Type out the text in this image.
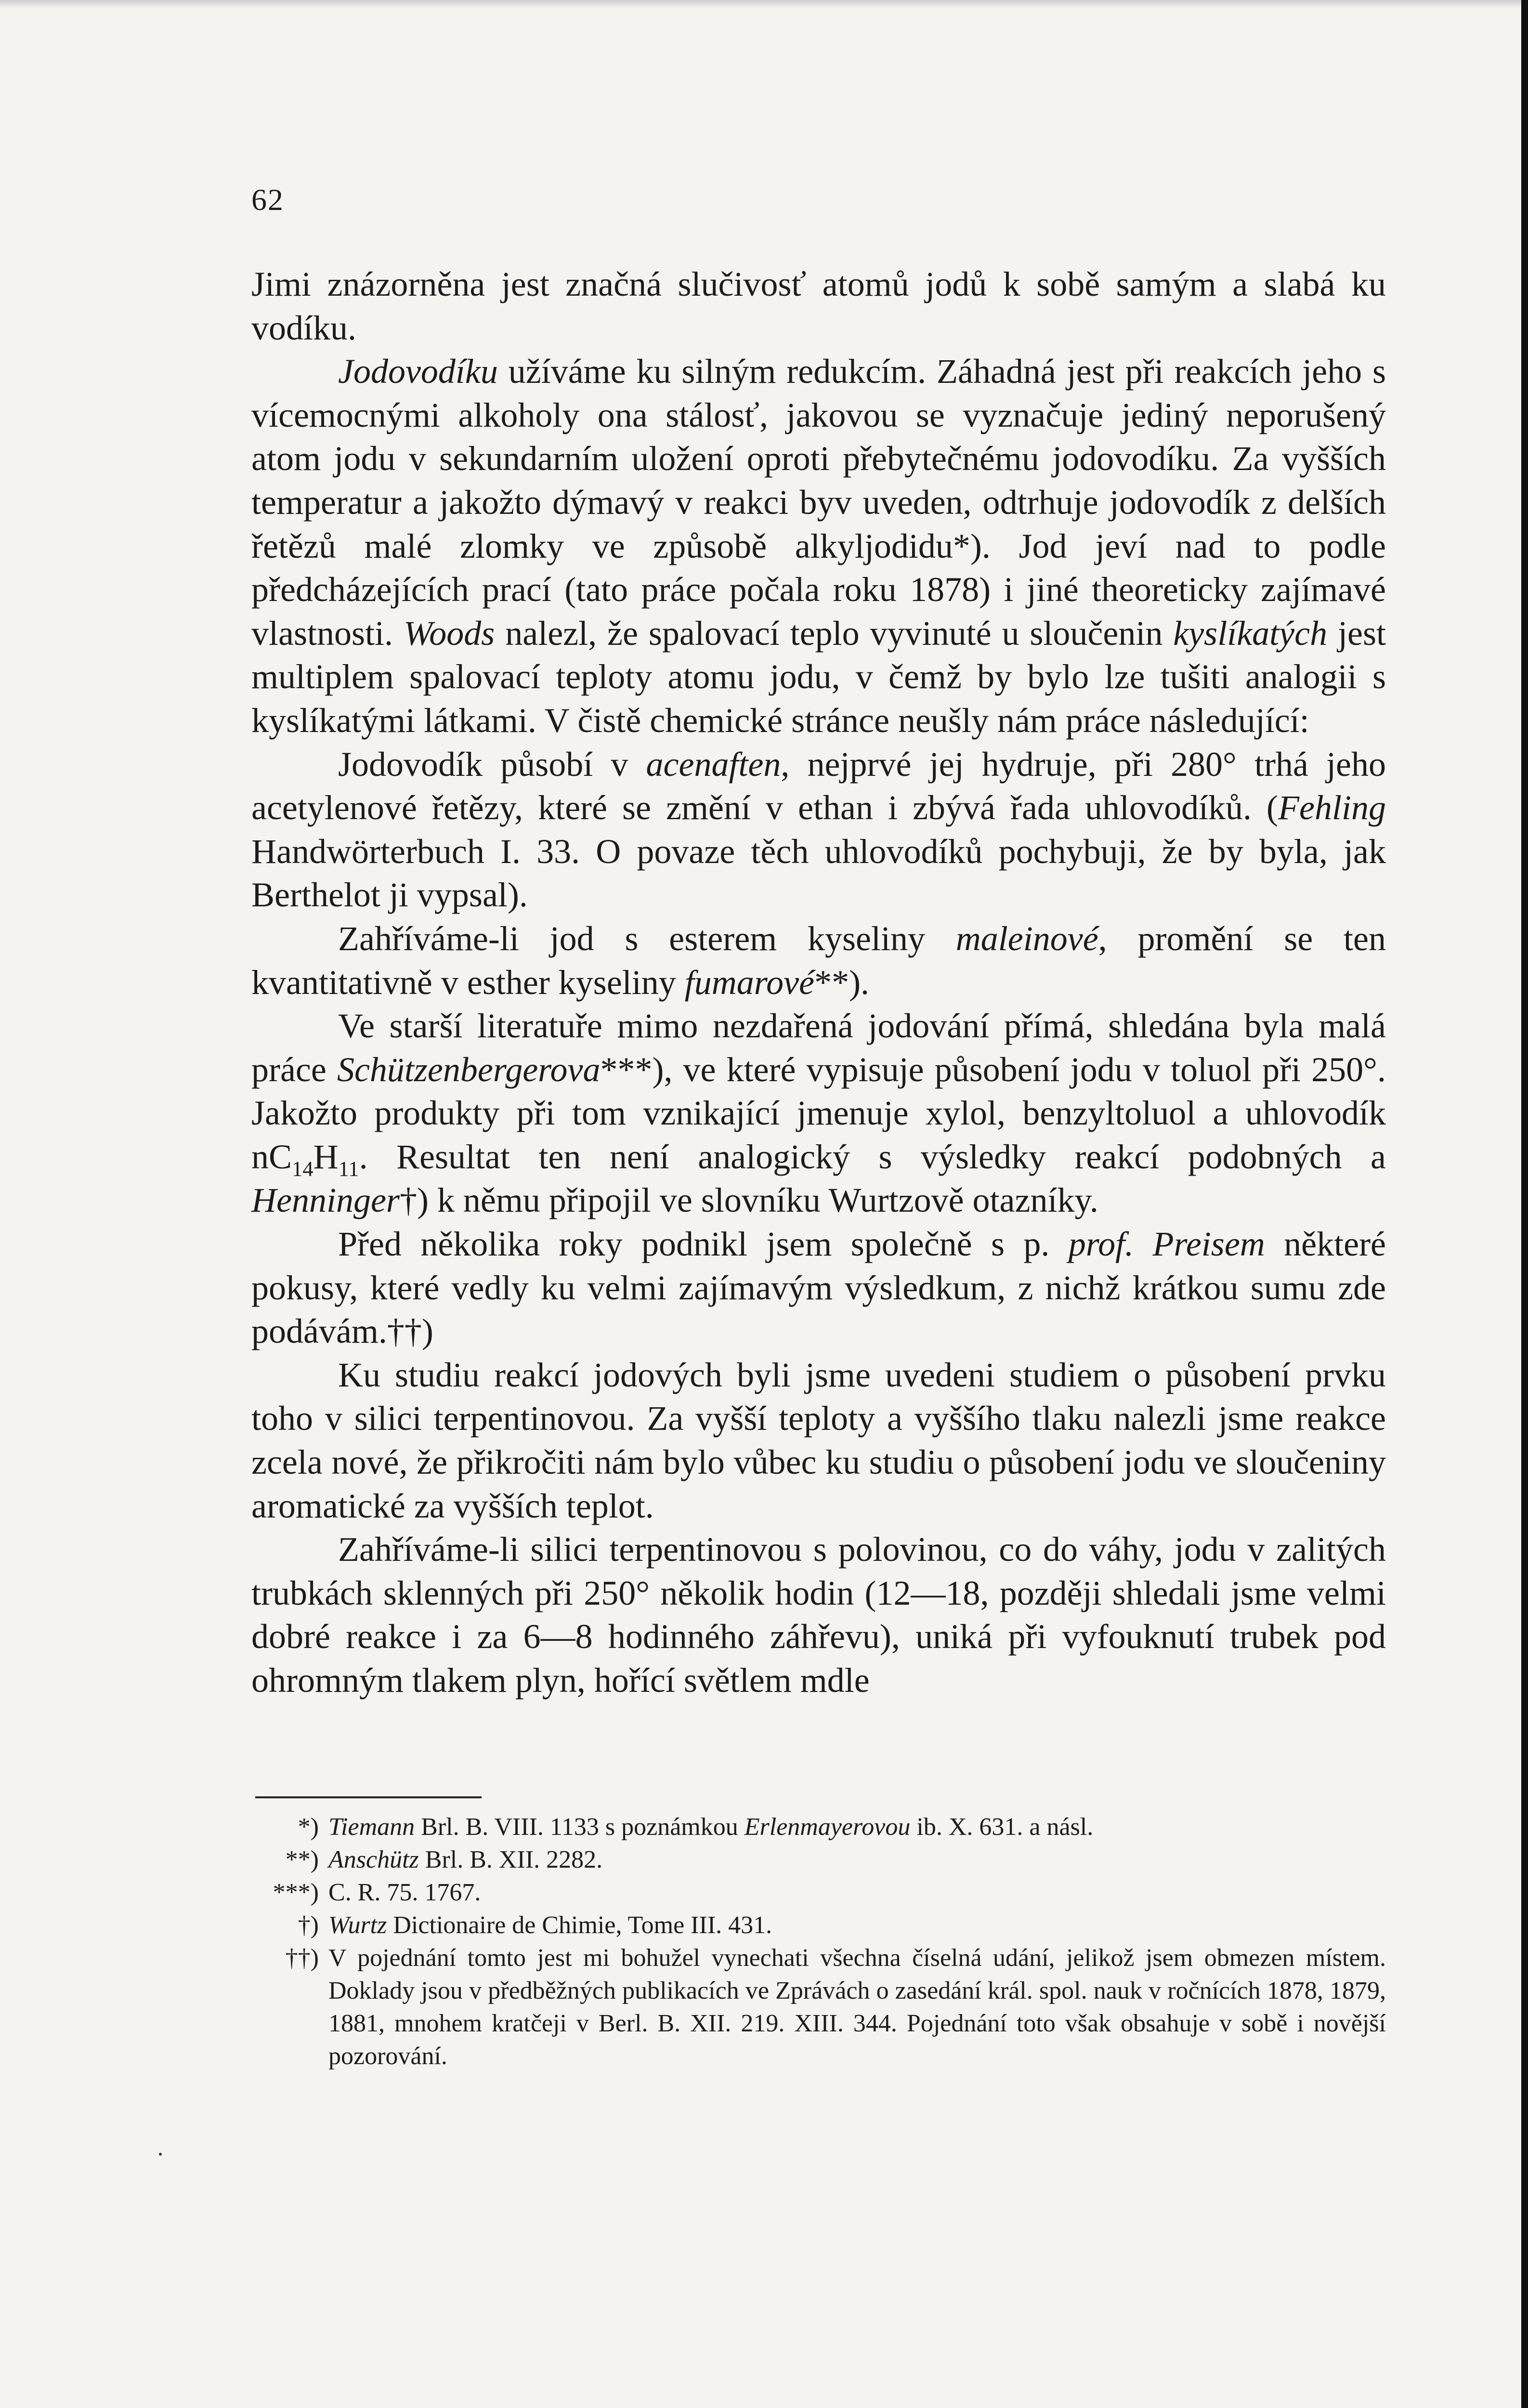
62

Jimi znázorněna jest značná slučivosť atomů jodů k sobě samým a slabá ku vodíku.

Jodovodíku užíváme ku silným redukcím. Záhadná jest při reakcích jeho s vícemocnými alkoholy ona stálosť, jakovou se vyznačuje jediný neporušený atom jodu v sekundarním uložení oproti přebytečnému jodovodíku. Za vyšších temperatur a jakožto dýmavý v reakci byv uveden, odtrhuje jodovodík z delších řetězů malé zlomky ve způsobě alkyljodidu*). Jod jeví nad to podle předcházejících prací (tato práce počala roku 1878) i jiné theoreticky zajímavé vlastnosti. Woods nalezl, že spalovací teplo vyvinuté u sloučenin kyslíkatých jest multiplem spalovací teploty atomu jodu, v čemž by bylo lze tušiti analogii s kyslíkatými látkami. V čistě chemické stránce neušly nám práce následující:

Jodovodík působí v acenaften, nejprvé jej hydruje, při 280° trhá jeho acetylenové řetězy, které se změní v ethan i zbývá řada uhlovodíků. (Fehling Handwörterbuch I. 33. O povaze těch uhlovodíků pochybuji, že by byla, jak Berthelot ji vypsal).

Zahříváme-li jod s esterem kyseliny maleinové, promění se ten kvantitativně v esther kyseliny fumarové**).

Ve starší literatuře mimo nezdařená jodování přímá, shledána byla malá práce Schützenbergerova***), ve které vypisuje působení jodu v toluol při 250°. Jakožto produkty při tom vznikající jmenuje xylol, benzyltoluol a uhlovodík $nC_{14}H_{11}$. Resultat ten není analogický s výsledky reakcí podobných a Henninger†) k němu připojil ve slovníku Wurtzově otazníky.

Před několika roky podnikl jsem společně s p. prof. Preisem některé pokusy, které vedly ku velmi zajímavým výsledkum, z nichž krátkou sumu zde podávám.††)

Ku studiu reakcí jodových byli jsme uvedeni studiem o působení prvku toho v silici terpentinovou. Za vyšší teploty a vyššího tlaku nalezli jsme reakce zcela nové, že přikročiti nám bylo vůbec ku studiu o působení jodu ve sloučeniny aromatické za vyšších teplot.

Zahříváme-li silici terpentinovou s polovinou, co do váhy, jodu v zalitých trubkách sklenných při 250° několik hodin (12—18, později shledali jsme velmi dobré reakce i za 6—8 hodinného záhřevu), uniká při vyfouknutí trubek pod ohromným tlakem plyn, hořící světlem mdle

*) Tiemann Brl. B. VIII. 1133 s poznámkou Erlenmayerovou ib. X. 631. a násl.
**) Anschütz Brl. B. XII. 2282.
***) C. R. 75. 1767.
†) Wurtz Dictionaire de Chimie, Tome III. 431.
††) V pojednání tomto jest mi bohužel vynechati všechna číselná udání, jelikož jsem obmezen místem. Doklady jsou v předběžných publikacích ve Zprávách o zasedání král. spol. nauk v ročnících 1878, 1879, 1881, mnohem kratčeji v Berl. B. XII. 219. XIII. 344. Pojednání toto však obsahuje v sobě i novější pozorování.
